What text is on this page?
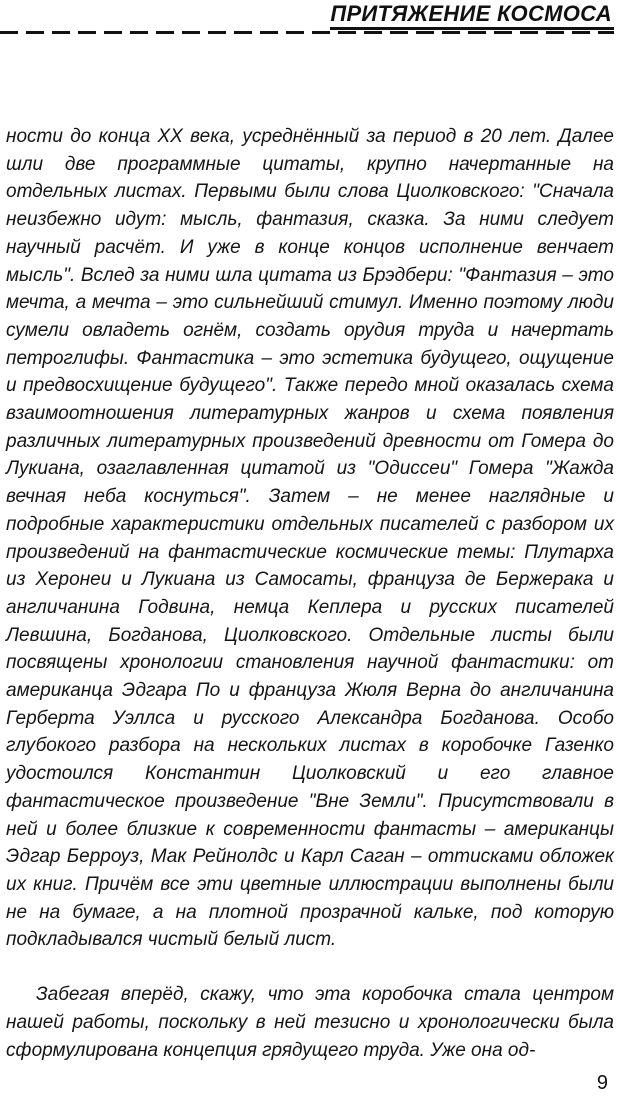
ПРИТЯЖЕНИЕ КОСМОСА

ности до конца XX века, усреднённый за период в 20 лет. Далее шли две программные цитаты, крупно начертанные на отдельных листах. Первыми были слова Циолковского: "Сначала неизбежно идут: мысль, фантазия, сказка. За ними следует научный расчёт. И уже в конце концов исполнение венчает мысль". Вслед за ними шла цитата из Брэдбери: "Фантазия – это мечта, а мечта – это сильнейший стимул. Именно поэтому люди сумели овладеть огнём, создать орудия труда и начертать петроглифы. Фантастика – это эстетика будущего, ощущение и предвосхищение будущего". Также передо мной оказалась схема взаимоотношения литературных жанров и схема появления различных литературных произведений древности от Гомера до Лукиана, озаглавленная цитатой из "Одиссеи" Гомера "Жажда вечная неба коснуться". Затем – не менее наглядные и подробные характеристики отдельных писателей с разбором их произведений на фантастические космические темы: Плутарха из Херонеи и Лукиана из Самосаты, француза де Бержерака и англичанина Годвина, немца Кеплера и русских писателей Левшина, Богданова, Циолковского. Отдельные листы были посвящены хронологии становления научной фантастики: от американца Эдгара По и француза Жюля Верна до англичанина Герберта Уэллса и русского Александра Богданова. Особо глубокого разбора на нескольких листах в коробочке Газенко удостоился Константин Циолковский и его главное фантастическое произведение "Вне Земли". Присутствовали в ней и более близкие к современности фантасты – американцы Эдгар Берроуз, Мак Рейнолдс и Карл Саган – оттисками обложек их книг. Причём все эти цветные иллюстрации выполнены были не на бумаге, а на плотной прозрачной кальке, под которую подкладывался чистый белый лист.

Забегая вперёд, скажу, что эта коробочка стала центром нашей работы, поскольку в ней тезисно и хронологически была сформулирована концепция грядущего труда. Уже она од-

9
